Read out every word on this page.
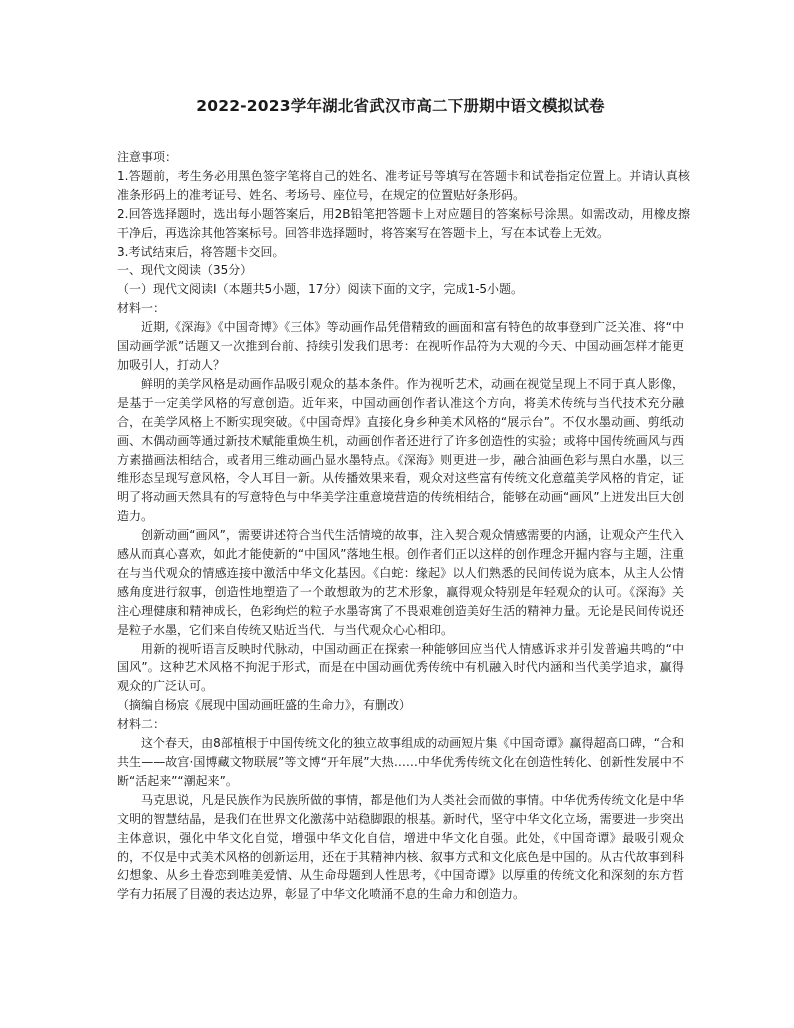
2022-2023学年湖北省武汉市高二下册期中语文模拟试卷

注意事项：

1.答题前，考生务必用黑色签字笔将自己的姓名、准考证号等填写在答题卡和试卷指定位置上。并请认真核准条形码上的准考证号、姓名、考场号、座位号，在规定的位置贴好条形码。

2.回答选择题时，选出每小题答案后，用2B铅笔把答题卡上对应题目的答案标号涂黑。如需改动，用橡皮擦干净后，再选涂其他答案标号。回答非选择题时，将答案写在答题卡上，写在本试卷上无效。

3.考试结束后，将答题卡交回。

一、现代文阅读（35分）

（一）现代文阅读Ⅰ（本题共5小题，17分）阅读下面的文字，完成1-5小题。

材料一：

近期,《深海》《中国奇博》《三体》等动画作品凭借精致的画面和富有特色的故事登到广泛关准、将“中国动画学派”话题又一次推到台前、持续引发我们思考：在视听作品符为大观的今天、中国动画怎样才能更加吸引人，打动人？

鲜明的美学风格是动画作品吸引观众的基本条件。作为视听艺术，动画在视觉呈现上不同于真人影像，是基于一定美学风格的写意创造。近年来，中国动画创作者认准这个方向，将美术传统与当代技术充分融合，在美学风格上不断实现突破。《中国奇焊》直接化身乡种美术风格的“展示台”。不仅水墨动画、剪纸动画、木偶动画等通过新技术赋能重焕生机，动画创作者还进行了许多创造性的实验；或将中国传统画风与西方素描画法相结合，或者用三维动画凸显水墨特点。《深海》则更进一步，融合油画色彩与黑白水墨，以三维形态呈现写意风格，令人耳目一新。从传播效果来看，观众对这些富有传统文化意蕴美学风格的肯定，证明了将动画天然具有的写意特色与中华美学注重意境营造的传统相结合，能够在动画“画风”上迸发出巨大创造力。

创新动画“画风”，需要讲述符合当代生活情境的故事，注入契合观众情感需要的内涵，让观众产生代入感从而真心喜欢，如此才能使新的“中国风”落地生根。创作者们正以这样的创作理念开掘内容与主题，注重在与当代观众的情感连接中激活中华文化基因。《白蛇：缘起》以人们熟悉的民间传说为底本，从主人公情感角度进行叙事，创造性地塑造了一个敢想敢为的艺术形象，赢得观众特别是年轻观众的认可。《深海》关注心理健康和精神成长，色彩绚烂的粒子水墨寄寓了不畏艰难创造美好生活的精神力量。无论是民间传说还是粒子水墨，它们来自传统又贴近当代．与当代观众心心相印。

用新的视听语言反映时代脉动，中国动画正在探索一种能够回应当代人情感诉求并引发普遍共鸣的“中国风”。这种艺术风格不拘泥于形式，而是在中国动画优秀传统中有机融入时代内涵和当代美学追求，赢得观众的广泛认可。

（摘编自杨宸《展现中国动画旺盛的生命力》，有删改）

材料二：

这个春天，由8部植根于中国传统文化的独立故事组成的动画短片集《中国奇谭》赢得超高口碑，“合和共生——故宫·国博藏文物联展”等文博“开年展”大热……中华优秀传统文化在创造性转化、创新性发展中不断“活起来”“潮起来”。

马克思说，凡是民族作为民族所做的事情，都是他们为人类社会而做的事情。中华优秀传统文化是中华文明的智慧结晶，是我们在世界文化激荡中站稳脚跟的根基。新时代，坚守中华文化立场，需要进一步突出主体意识，强化中华文化自觉，增强中华文化自信，增进中华文化自强。此处，《中国奇谭》最吸引观众的，不仅是中式美术风格的创新运用，还在于其精神内核、叙事方式和文化底色是中国的。从古代故事到科幻想象、从乡土眷恋到唯美爱情、从生命母题到人性思考，《中国奇谭》以厚重的传统文化和深刻的东方哲学有力拓展了目漫的表达边界，彰显了中华文化喷涌不息的生命力和创造力。
